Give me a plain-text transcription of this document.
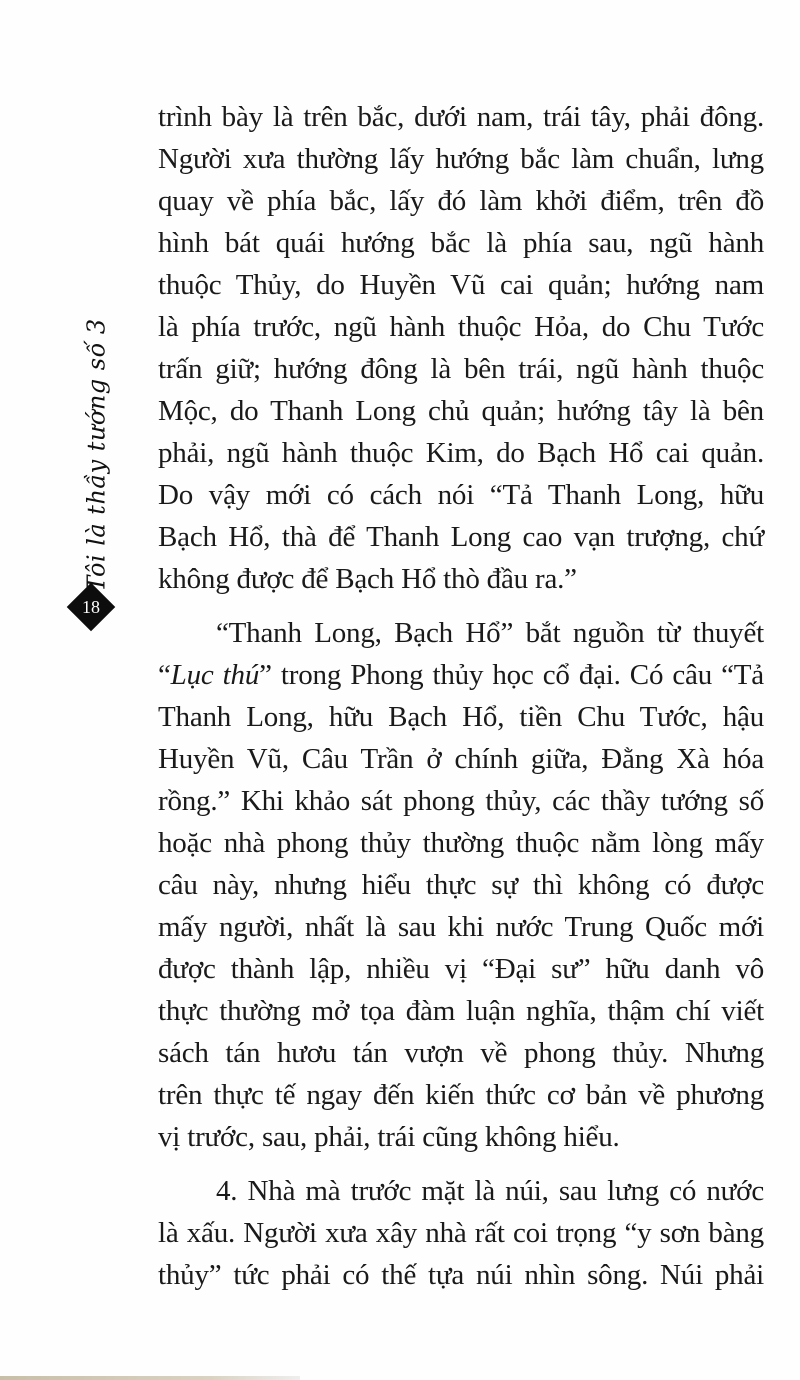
Tôi là thầy tướng số 3
18
trình bày là trên bắc, dưới nam, trái tây, phải đông.
Người xưa thường lấy hướng bắc làm chuẩn, lưng
quay về phía bắc, lấy đó làm khởi điểm, trên đồ
hình bát quái hướng bắc là phía sau, ngũ hành
thuộc Thủy, do Huyền Vũ cai quản; hướng nam
là phía trước, ngũ hành thuộc Hỏa, do Chu Tước
trấn giữ; hướng đông là bên trái, ngũ hành thuộc
Mộc, do Thanh Long chủ quản; hướng tây là bên
phải, ngũ hành thuộc Kim, do Bạch Hổ cai quản.
Do vậy mới có cách nói “Tả Thanh Long, hữu
Bạch Hổ, thà để Thanh Long cao vạn trượng, chứ
không được để Bạch Hổ thò đầu ra.”
“Thanh Long, Bạch Hổ” bắt nguồn từ thuyết
“Lục thú” trong Phong thủy học cổ đại. Có câu “Tả
Thanh Long, hữu Bạch Hổ, tiền Chu Tước, hậu
Huyền Vũ, Câu Trần ở chính giữa, Đằng Xà hóa
rồng.” Khi khảo sát phong thủy, các thầy tướng số
hoặc nhà phong thủy thường thuộc nằm lòng mấy
câu này, nhưng hiểu thực sự thì không có được
mấy người, nhất là sau khi nước Trung Quốc mới
được thành lập, nhiều vị “Đại sư” hữu danh vô
thực thường mở tọa đàm luận nghĩa, thậm chí viết
sách tán hươu tán vượn về phong thủy. Nhưng
trên thực tế ngay đến kiến thức cơ bản về phương
vị trước, sau, phải, trái cũng không hiểu.
4. Nhà mà trước mặt là núi, sau lưng có nước
là xấu. Người xưa xây nhà rất coi trọng “y sơn bàng
thủy” tức phải có thế tựa núi nhìn sông. Núi phải
